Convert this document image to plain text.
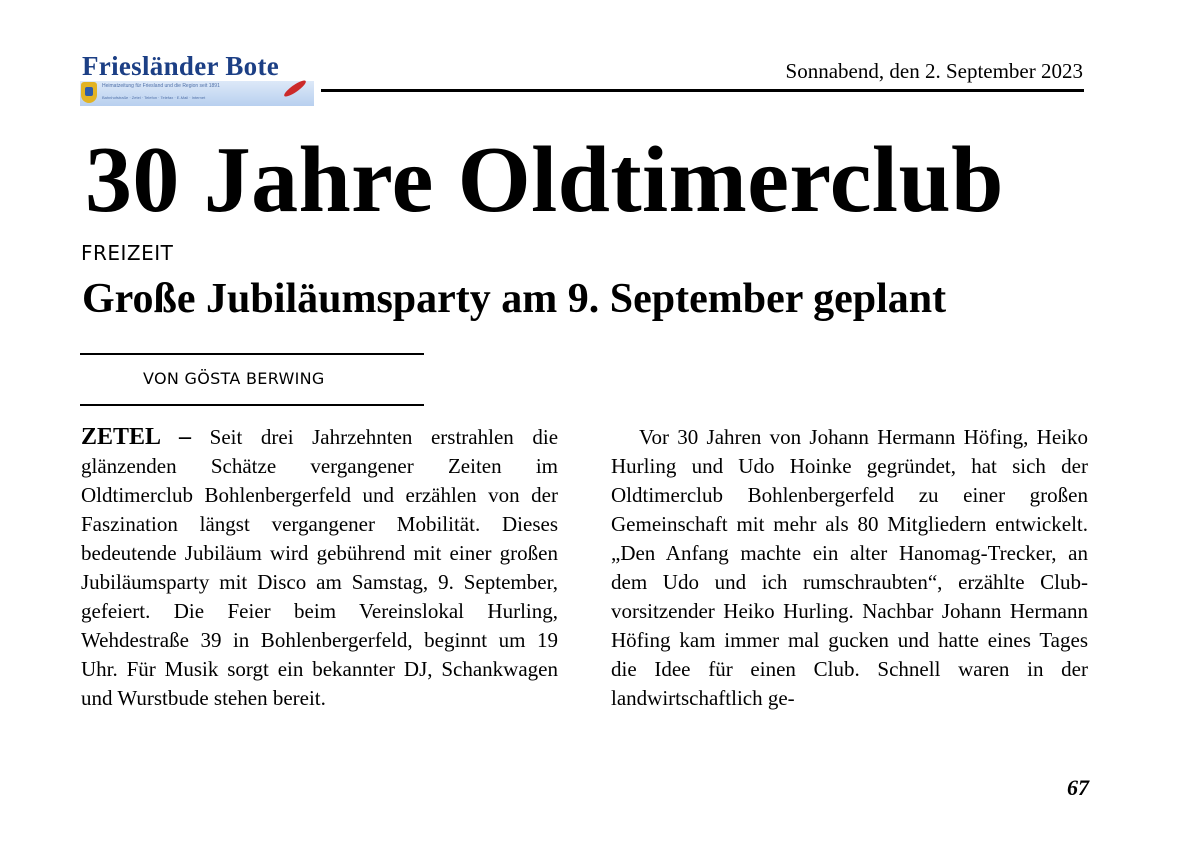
Friesländer Bote
Heimatzeitung für Friesland und die Region seit 1891
Bahnhofstraße · Zetel · Telefon · Telefax · E-Mail · Internet
Sonnabend, den 2. September 2023
30 Jahre Oldtimerclub
FREIZEIT
Große Jubiläumsparty am 9. September geplant
VON GÖSTA BERWING

ZETEL – Seit drei Jahrzehnten erstrahlen die glänzenden Schätze vergangener Zeiten im Oldtimerclub Bohlenbergerfeld und erzählen von der Faszination längst vergangener Mobilität. Dieses bedeutende Jubiläum wird gebührend mit einer großen Jubiläumsparty mit Disco am Samstag, 9. September, gefeiert. Die Feier beim Vereinslokal Hurling, Wehdestraße 39 in Bohlenbergerfeld, beginnt um 19 Uhr. Für Musik sorgt ein bekannter DJ, Schankwagen und Wurstbude stehen bereit.

Vor 30 Jahren von Johann Hermann Höfing, Heiko Hurling und Udo Hoinke gegründet, hat sich der Oldtimerclub Bohlenbergerfeld zu einer großen Gemeinschaft mit mehr als 80 Mitgliedern entwickelt. „Den Anfang machte ein alter Hanomag-Trecker, an dem Udo und ich rumschraubten“, erzählte Clubvorsitzender Heiko Hurling. Nachbar Johann Hermann Höfing kam immer mal gucken und hatte eines Tages die Idee für einen Club. Schnell waren in der landwirtschaftlich ge-

67
